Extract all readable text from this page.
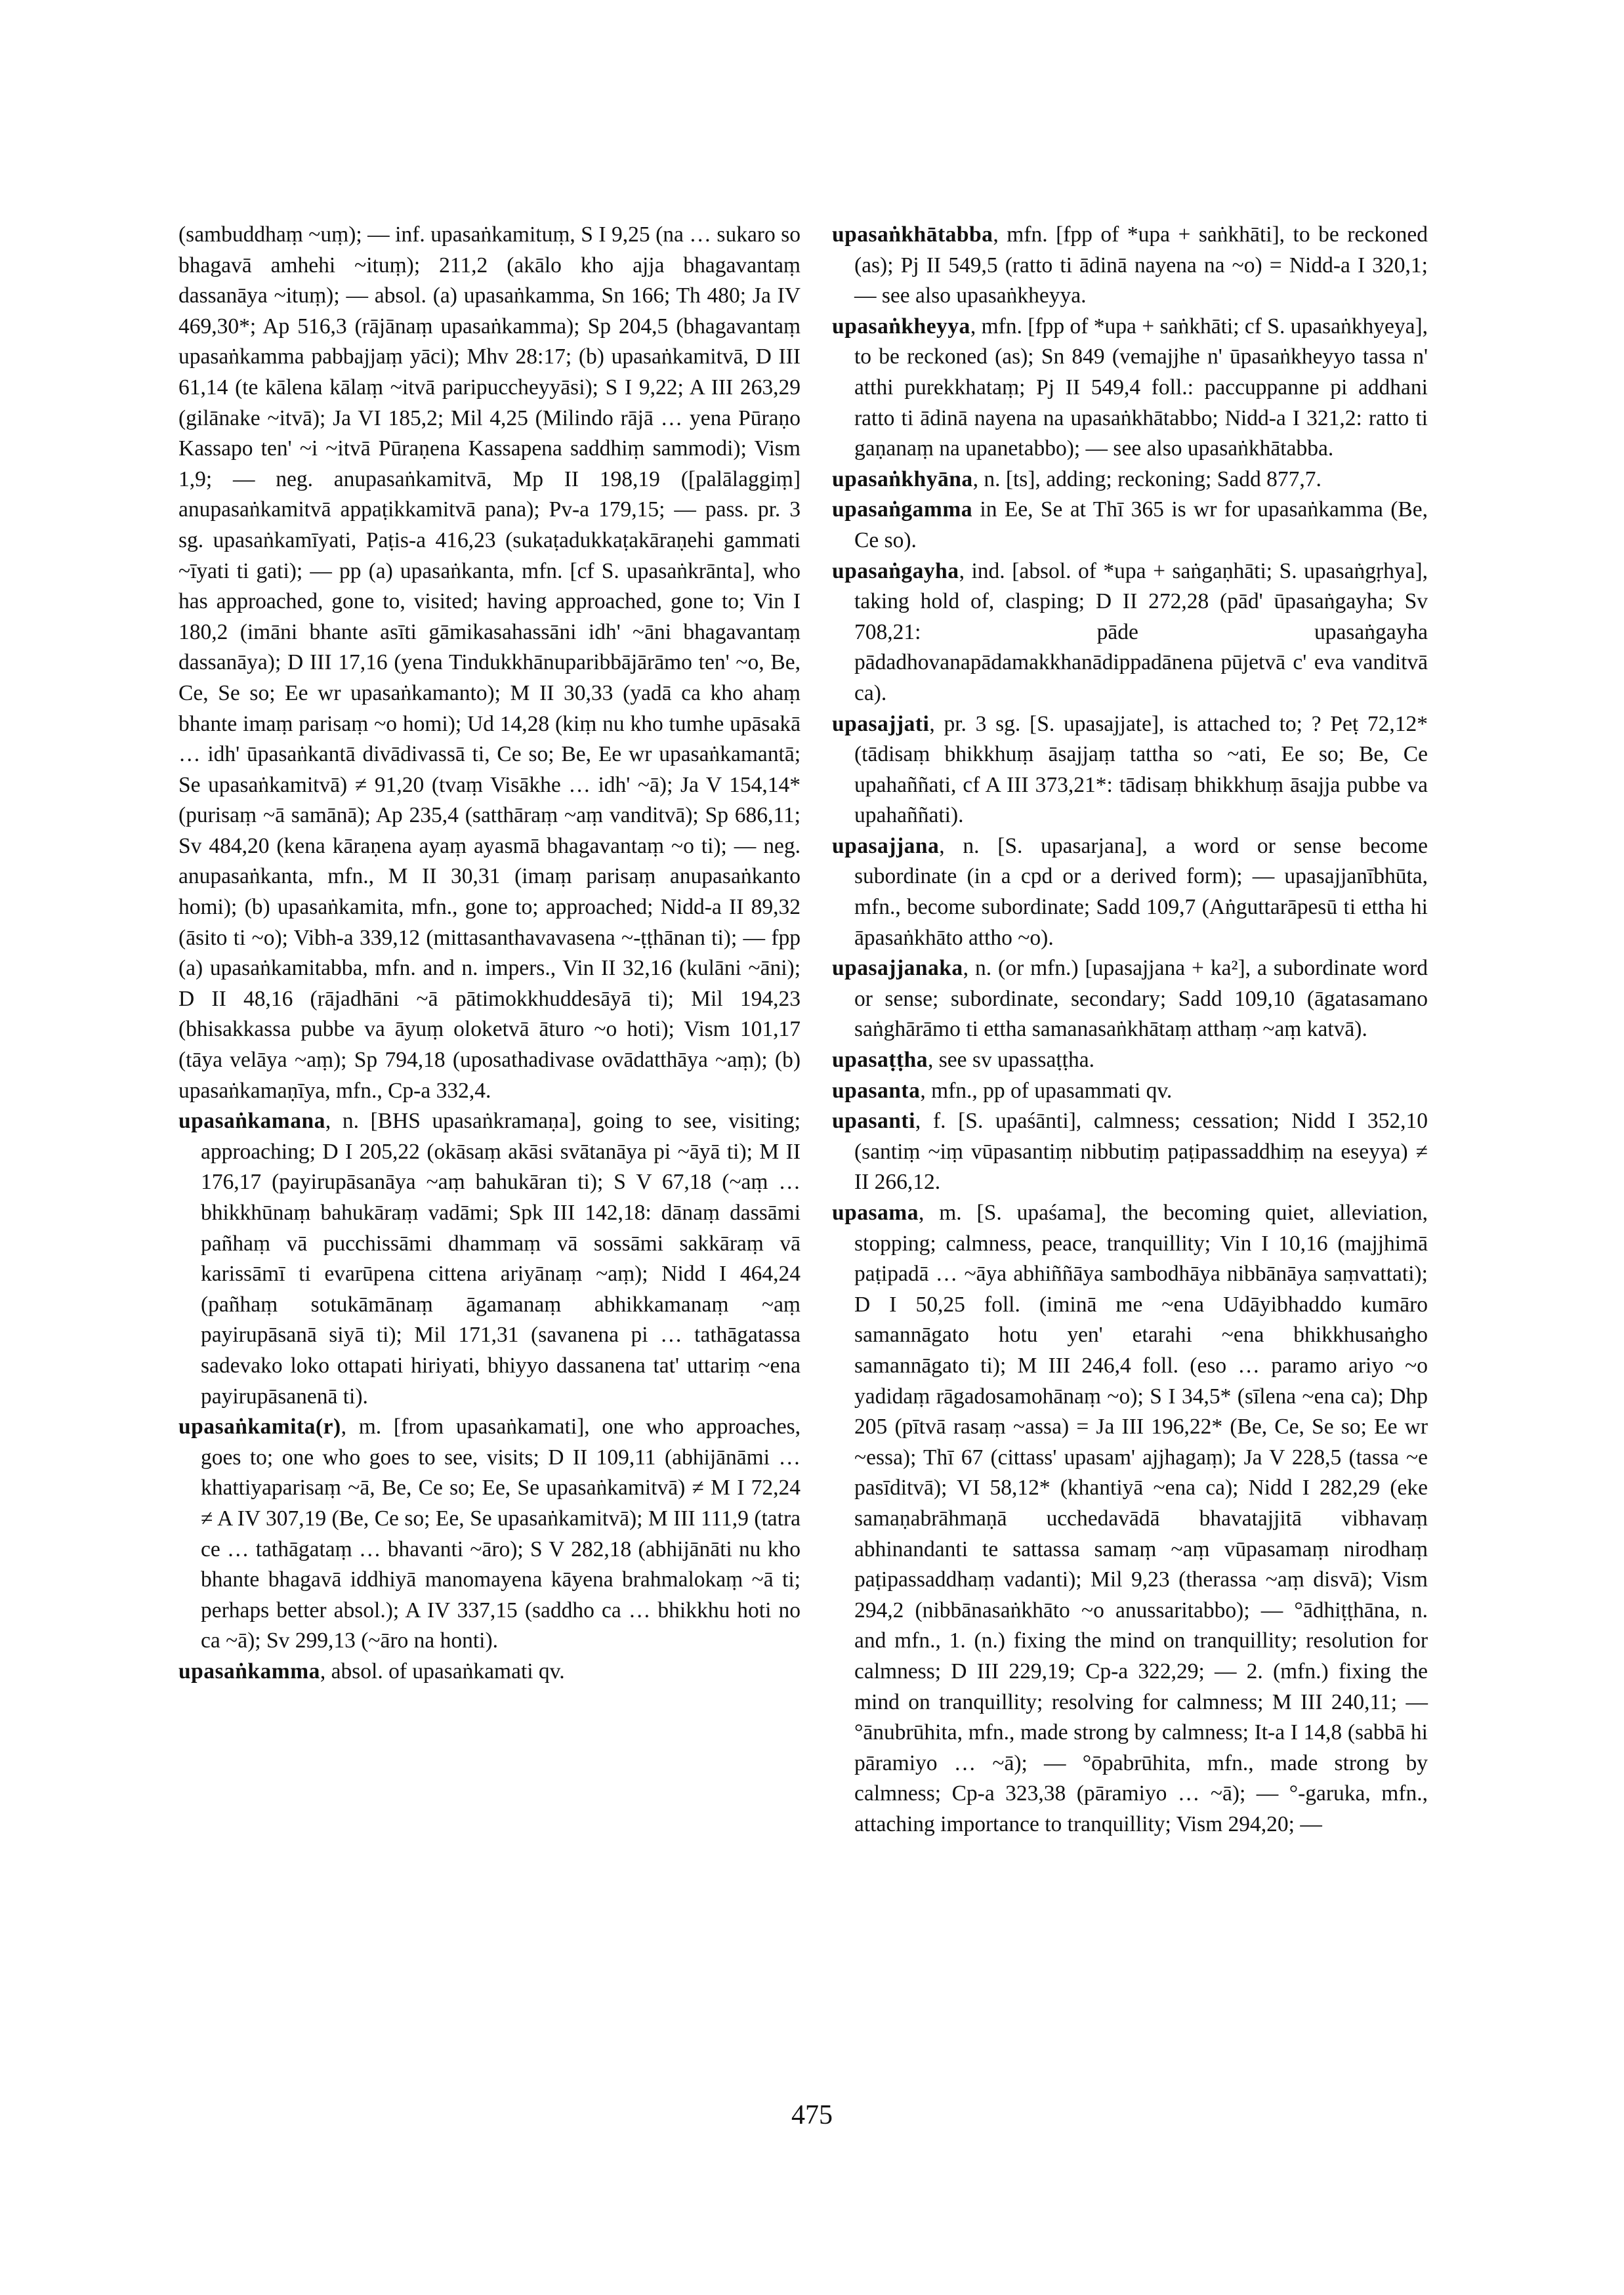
(sambuddhaṃ ~uṃ); — inf. upasaṅkamituṃ, S I 9,25 (na … sukaro so bhagavā amhehi ~ituṃ); 211,2 (akālo kho ajja bhagavantaṃ dassanāya ~ituṃ); — absol. (a) upasaṅkamma, Sn 166; Th 480; Ja IV 469,30*; Ap 516,3 (rājānaṃ upasaṅkamma); Sp 204,5 (bhagavantaṃ upasaṅkamma pabbajjaṃ yāci); Mhv 28:17; (b) upasaṅkamitvā, D III 61,14 (te kālena kālaṃ ~itvā paripuccheyyāsi); S I 9,22; A III 263,29 (gilānake ~itvā); Ja VI 185,2; Mil 4,25 (Milindo rājā … yena Pūraṇo Kassapo ten' ~i ~itvā Pūraṇena Kassapena saddhiṃ sammodi); Vism 1,9; — neg. anupasaṅkamitvā, Mp II 198,19 ([palālaggiṃ] anupasaṅkamitvā appaṭikkamitvā pana); Pv-a 179,15; — pass. pr. 3 sg. upasaṅkamīyati, Paṭis-a 416,23 (sukaṭadukkaṭakāraṇehi gammati ~īyati ti gati); — pp (a) upasaṅkanta, mfn. [cf S. upasaṅkrānta], who has approached, gone to, visited; having approached, gone to; Vin I 180,2 (imāni bhante asīti gāmikasahassāni idh' ~āni bhagavantaṃ dassanāya); D III 17,16 (yena Tindukkhānuparibbājārāmo ten' ~o, Be, Ce, Se so; Ee wr upasaṅkamanto); M II 30,33 (yadā ca kho ahaṃ bhante imaṃ parisaṃ ~o homi); Ud 14,28 (kiṃ nu kho tumhe upāsakā … idh' ūpasaṅkantā divādivassā ti, Ce so; Be, Ee wr upasaṅkamantā; Se upasaṅkamitvā) ≠ 91,20 (tvaṃ Visākhe … idh' ~ā); Ja V 154,14* (purisaṃ ~ā samānā); Ap 235,4 (satthāraṃ ~aṃ vanditvā); Sp 686,11; Sv 484,20 (kena kāraṇena ayaṃ ayasmā bhagavantaṃ ~o ti); — neg. anupasaṅkanta, mfn., M II 30,31 (imaṃ parisaṃ anupasaṅkanto homi); (b) upasaṅkamita, mfn., gone to; approached; Nidd-a II 89,32 (āsito ti ~o); Vibh-a 339,12 (mittasanthavavasena ~-ṭṭhānan ti); — fpp (a) upasaṅkamitabba, mfn. and n. impers., Vin II 32,16 (kulāni ~āni); D II 48,16 (rājadhāni ~ā pātimokkhuddesāyā ti); Mil 194,23 (bhisakkassa pubbe va āyuṃ oloketvā āturo ~o hoti); Vism 101,17 (tāya velāya ~aṃ); Sp 794,18 (uposathadivase ovādatthāya ~aṃ); (b) upasaṅkamaṇīya, mfn., Cp-a 332,4.

upasaṅkamana, n. [BHS upasaṅkramaṇa], going to see, visiting; approaching; D I 205,22 (okāsaṃ akāsi svātanāya pi ~āyā ti); M II 176,17 (payirupāsanāya ~aṃ bahukāran ti); S V 67,18 (~aṃ … bhikkhūnaṃ bahukāraṃ vadāmi; Spk III 142,18: dānaṃ dassāmi pañhaṃ vā pucchissāmi dhammaṃ vā sossāmi sakkāraṃ vā karissāmī ti evarūpena cittena ariyānaṃ ~aṃ); Nidd I 464,24 (pañhaṃ sotukāmānaṃ āgamanaṃ abhikkamanaṃ ~aṃ payirupāsanā siyā ti); Mil 171,31 (savanena pi … tathāgatassa sadevako loko ottapati hiriyati, bhiyyo dassanena tat' uttariṃ ~ena payirupāsanenā ti).

upasaṅkamita(r), m. [from upasaṅkamati], one who approaches, goes to; one who goes to see, visits; D II 109,11 (abhijānāmi … khattiyaparisaṃ ~ā, Be, Ce so; Ee, Se upasaṅkamitvā) ≠ M I 72,24 ≠ A IV 307,19 (Be, Ce so; Ee, Se upasaṅkamitvā); M III 111,9 (tatra ce … tathāgataṃ … bhavanti ~āro); S V 282,18 (abhijānāti nu kho bhante bhagavā iddhiyā manomayena kāyena brahmalokaṃ ~ā ti; perhaps better absol.); A IV 337,15 (saddho ca … bhikkhu hoti no ca ~ā); Sv 299,13 (~āro na honti).

upasaṅkamma, absol. of upasaṅkamati qv.

upasaṅkhātabba, mfn. [fpp of *upa + saṅkhāti], to be reckoned (as); Pj II 549,5 (ratto ti ādinā nayena na ~o) = Nidd-a I 320,1; — see also upasaṅkheyya.

upasaṅkheyya, mfn. [fpp of *upa + saṅkhāti; cf S. upasaṅkhyeya], to be reckoned (as); Sn 849 (vemajjhe n' ūpasaṅkheyyo tassa n' atthi purekkhataṃ; Pj II 549,4 foll.: paccuppanne pi addhani ratto ti ādinā nayena na upasaṅkhātabbo; Nidd-a I 321,2: ratto ti gaṇanaṃ na upanetabbo); — see also upasaṅkhātabba.

upasaṅkhyāna, n. [ts], adding; reckoning; Sadd 877,7.

upasaṅgamma in Ee, Se at Thī 365 is wr for upasaṅkamma (Be, Ce so).

upasaṅgayha, ind. [absol. of *upa + saṅgaṇhāti; S. upasaṅgṛhya], taking hold of, clasping; D II 272,28 (pād' ūpasaṅgayha; Sv 708,21: pāde upasaṅgayha pādadhovanapādamakkhanādippadānena pūjetvā c' eva vanditvā ca).

upasajjati, pr. 3 sg. [S. upasajjate], is attached to; ? Peṭ 72,12* (tādisaṃ bhikkhuṃ āsajjaṃ tattha so ~ati, Ee so; Be, Ce upahaññati, cf A III 373,21*: tādisaṃ bhikkhuṃ āsajja pubbe va upahaññati).

upasajjana, n. [S. upasarjana], a word or sense become subordinate (in a cpd or a derived form); — upasajjanībhūta, mfn., become subordinate; Sadd 109,7 (Aṅguttarāpesū ti ettha hi āpasaṅkhāto attho ~o).

upasajjanaka, n. (or mfn.) [upasajjana + ka²], a subordinate word or sense; subordinate, secondary; Sadd 109,10 (āgatasamano saṅghārāmo ti ettha samanasaṅkhātaṃ atthaṃ ~aṃ katvā).

upasaṭṭha, see sv upassaṭṭha.

upasanta, mfn., pp of upasammati qv.

upasanti, f. [S. upaśānti], calmness; cessation; Nidd I 352,10 (santiṃ ~iṃ vūpasantiṃ nibbutiṃ paṭipassaddhiṃ na eseyya) ≠ II 266,12.

upasama, m. [S. upaśama], the becoming quiet, alleviation, stopping; calmness, peace, tranquillity; Vin I 10,16 (majjhimā paṭipadā … ~āya abhiññāya sambodhāya nibbānāya saṃvattati); D I 50,25 foll. (iminā me ~ena Udāyibhaddo kumāro samannāgato hotu yen' etarahi ~ena bhikkhusaṅgho samannāgato ti); M III 246,4 foll. (eso … paramo ariyo ~o yadidaṃ rāgadosamohānaṃ ~o); S I 34,5* (sīlena ~ena ca); Dhp 205 (pītvā rasaṃ ~assa) = Ja III 196,22* (Be, Ce, Se so; Ee wr ~essa); Thī 67 (cittass' upasam' ajjhagaṃ); Ja V 228,5 (tassa ~e pasīditvā); VI 58,12* (khantiyā ~ena ca); Nidd I 282,29 (eke samaṇabrāhmaṇā ucchedavādā bhavatajjitā vibhavaṃ abhinandanti te sattassa samaṃ ~aṃ vūpasamaṃ nirodhaṃ paṭipassaddhaṃ vadanti); Mil 9,23 (therassa ~aṃ disvā); Vism 294,2 (nibbānasaṅkhāto ~o anussaritabbo); — °ādhiṭṭhāna, n. and mfn., 1. (n.) fixing the mind on tranquillity; resolution for calmness; D III 229,19; Cp-a 322,29; — 2. (mfn.) fixing the mind on tranquillity; resolving for calmness; M III 240,11; — °ānubrūhita, mfn., made strong by calmness; It-a I 14,8 (sabbā hi pāramiyo … ~ā); — °ōpabrūhita, mfn., made strong by calmness; Cp-a 323,38 (pāramiyo … ~ā); — °-garuka, mfn., attaching importance to tranquillity; Vism 294,20; —

475
